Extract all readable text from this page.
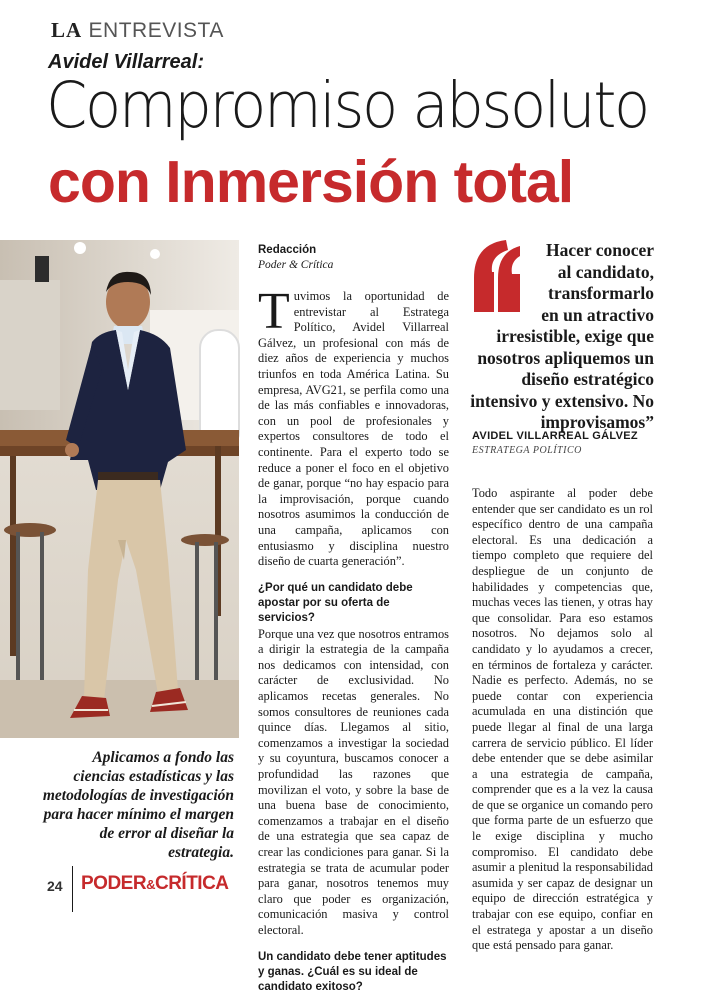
LA ENTREVISTA
Avidel Villarreal:
Compromiso absoluto
con Inmersión total
Aplicamos a fondo las ciencias estadísticas y las metodologías de investigación para hacer mínimo el margen de error al diseñar la estrategia.
Redacción
Poder & Crítica

Tuvimos la oportunidad de entrevistar al Estratega Político, Avidel Villarreal Gálvez, un profesional con más de diez años de experiencia y muchos triunfos en toda América Latina. Su empresa, AVG21, se perfila como una de las más confiables e innovadoras, con un pool de profesionales y expertos consultores de todo el continente. Para el experto todo se reduce a poner el foco en el objetivo de ganar, porque “no hay espacio para la improvisación, porque cuando nosotros asumimos la conducción de una campaña, aplicamos con entusiasmo y disciplina nuestro diseño de cuarta generación”.

¿Por qué un candidato debe apostar por su oferta de servicios?

Porque una vez que nosotros entramos a dirigir la estrategia de la campaña nos dedicamos con intensidad, con carácter de exclusividad. No aplicamos recetas generales. No somos consultores de reuniones cada quince días. Llegamos al sitio, comenzamos a investigar la sociedad y su coyuntura, buscamos conocer a profundidad las razones que movilizan el voto, y sobre la base de una buena base de conocimiento, comenzamos a trabajar en el diseño de una estrategia que sea capaz de crear las condiciones para ganar. Si la estrategia se trata de acumular poder para ganar, nosotros tenemos muy claro que poder es organización, comunicación masiva y control electoral.

Un candidato debe tener aptitudes y ganas. ¿Cuál es su ideal de candidato exitoso?
Hacer conocer
al candidato,
transformarlo
en un atractivo
irresistible, exige que nosotros apliquemos un diseño estratégico intensivo y extensivo. No improvisamos”
AVIDEL VILLARREAL GÁLVEZ
ESTRATEGA POLÍTICO

Todo aspirante al poder debe entender que ser candidato es un rol específico dentro de una campaña electoral. Es una dedicación a tiempo completo que requiere del despliegue de un conjunto de habilidades y competencias que, muchas veces las tienen, y otras hay que consolidar. Para eso estamos nosotros. No dejamos solo al candidato y lo ayudamos a crecer, en términos de fortaleza y carácter. Nadie es perfecto. Además, no se puede contar con experiencia acumulada en una distinción que puede llegar al final de una larga carrera de servicio público. El líder debe entender que se debe asimilar a una estrategia de campaña, comprender que es a la vez la causa de que se organice un comando pero que forma parte de un esfuerzo que le exige disciplina y mucho compromiso. El candidato debe asumir a plenitud la responsabilidad asumida y ser capaz de designar un equipo de dirección estratégica y trabajar con ese equipo, confiar en el estratega y apostar a un diseño que está pensado para ganar.

24 PODER&CRÍTICA
